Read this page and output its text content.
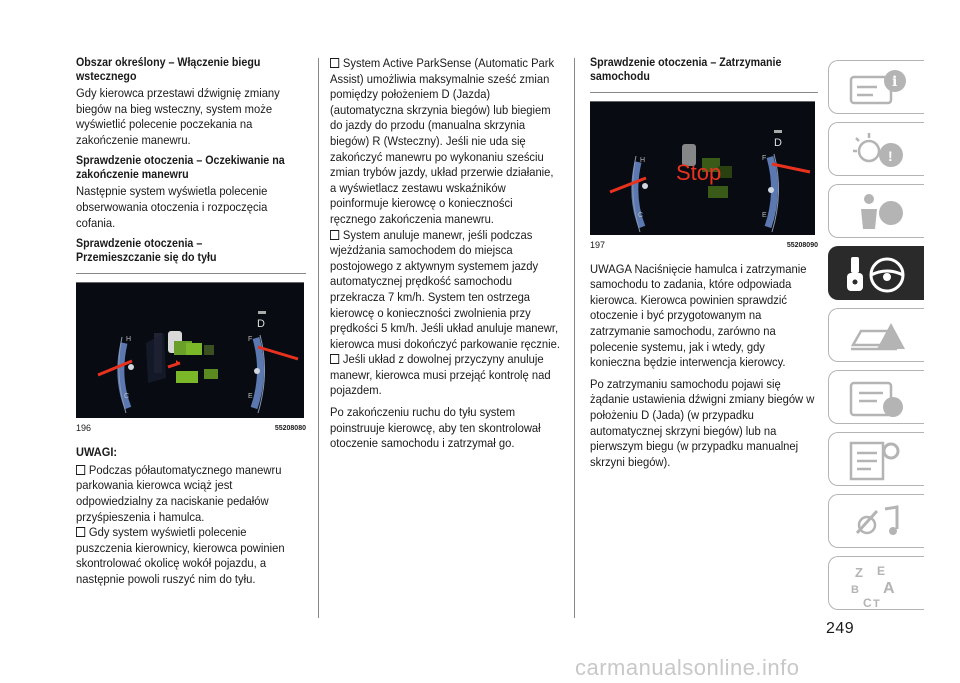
Obszar określony – Włączenie biegu wstecznego

Gdy kierowca przestawi dźwignię zmiany biegów na bieg wsteczny, system może wyświetlić polecenie poczekania na zakończenie manewru.

Sprawdzenie otoczenia – Oczekiwanie na zakończenie manewru

Następnie system wyświetla polecenie obserwowania otoczenia i rozpoczęcia cofania.

Sprawdzenie otoczenia – Przemieszczanie się do tyłu
H
C
D
F
E
196	55208080
UWAGI:

Podczas półautomatycznego manewru parkowania kierowca wciąż jest odpowiedzialny za naciskanie pedałów przyśpieszenia i hamulca.

Gdy system wyświetli polecenie puszczenia kierownicy, kierowca powinien skontrolować okolicę wokół pojazdu, a następnie powoli ruszyć nim do tyłu.

System Active ParkSense (Automatic Park Assist) umożliwia maksymalnie sześć zmian pomiędzy położeniem D (Jazda) (automatyczna skrzynia biegów) lub biegiem do jazdy do przodu (manualna skrzynia biegów) R (Wsteczny). Jeśli nie uda się zakończyć manewru po wykonaniu sześciu zmian trybów jazdy, układ przerwie działanie, a wyświetlacz zestawu wskaźników poinformuje kierowcę o konieczności ręcznego zakończenia manewru.

System anuluje manewr, jeśli podczas wjeżdżania samochodem do miejsca postojowego z aktywnym systemem jazdy automatycznej prędkość samochodu przekracza 7 km/h. System ten ostrzega kierowcę o konieczności zwolnienia przy prędkości 5 km/h. Jeśli układ anuluje manewr, kierowca musi dokończyć parkowanie ręcznie.

Jeśli układ z dowolnej przyczyny anuluje manewr, kierowca musi przejąć kontrolę nad pojazdem.

Po zakończeniu ruchu do tyłu system poinstruuje kierowcę, aby ten skontrolował otoczenie samochodu i zatrzymał go.

Sprawdzenie otoczenia – Zatrzymanie samochodu
H
C
Stop
D
F
E
197	55208090

UWAGA Naciśnięcie hamulca i zatrzymanie samochodu to zadania, które odpowiada kierowca. Kierowca powinien sprawdzić otoczenie i być przygotowanym na zatrzymanie samochodu, zarówno na polecenie systemu, jak i wtedy, gdy konieczna będzie interwencja kierowcy.

Po zatrzymaniu samochodu pojawi się żądanie ustawienia dźwigni zmiany biegów w położeniu D (Jada) (w przypadku automatycznej skrzyni biegów) lub na pierwszym biegu (w przypadku manualnej skrzyni biegów).

i
!
Z E
B A
C T
249
carmanualsonline.info
